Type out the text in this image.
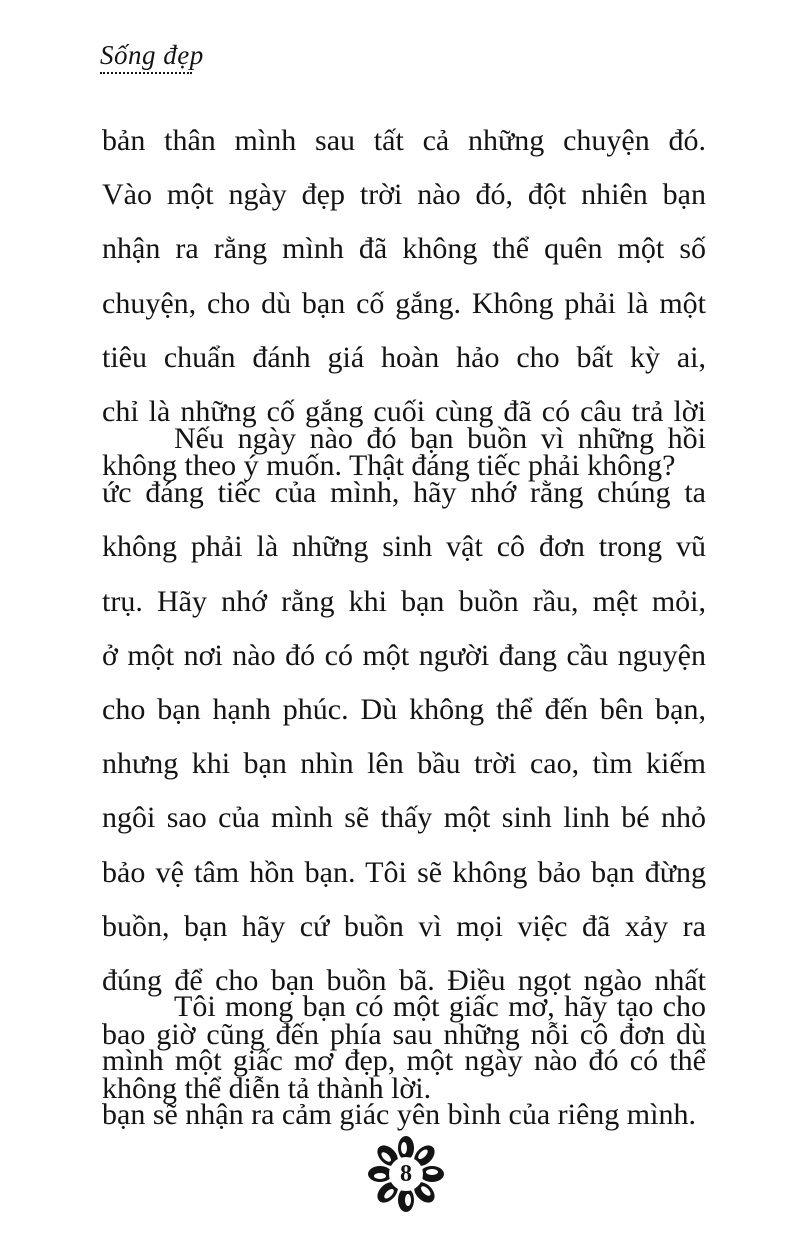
Sống đẹp
bản thân mình sau tất cả những chuyện đó.
Vào một ngày đẹp trời nào đó, đột nhiên bạn
nhận ra rằng mình đã không thể quên một số
chuyện, cho dù bạn cố gắng. Không phải là một
tiêu chuẩn đánh giá hoàn hảo cho bất kỳ ai,
chỉ là những cố gắng cuối cùng đã có câu trả lời
không theo ý muốn. Thật đáng tiếc phải không?
Nếu ngày nào đó bạn buồn vì những hồi
ức đáng tiếc của mình, hãy nhớ rằng chúng ta
không phải là những sinh vật cô đơn trong vũ
trụ. Hãy nhớ rằng khi bạn buồn rầu, mệt mỏi,
ở một nơi nào đó có một người đang cầu nguyện
cho bạn hạnh phúc. Dù không thể đến bên bạn,
nhưng khi bạn nhìn lên bầu trời cao, tìm kiếm
ngôi sao của mình sẽ thấy một sinh linh bé nhỏ
bảo vệ tâm hồn bạn. Tôi sẽ không bảo bạn đừng
buồn, bạn hãy cứ buồn vì mọi việc đã xảy ra
đúng để cho bạn buồn bã. Điều ngọt ngào nhất
bao giờ cũng đến phía sau những nỗi cô đơn dù
không thể diễn tả thành lời.
Tôi mong bạn có một giấc mơ, hãy tạo cho
mình một giấc mơ đẹp, một ngày nào đó có thể
bạn sẽ nhận ra cảm giác yên bình của riêng mình.
8
